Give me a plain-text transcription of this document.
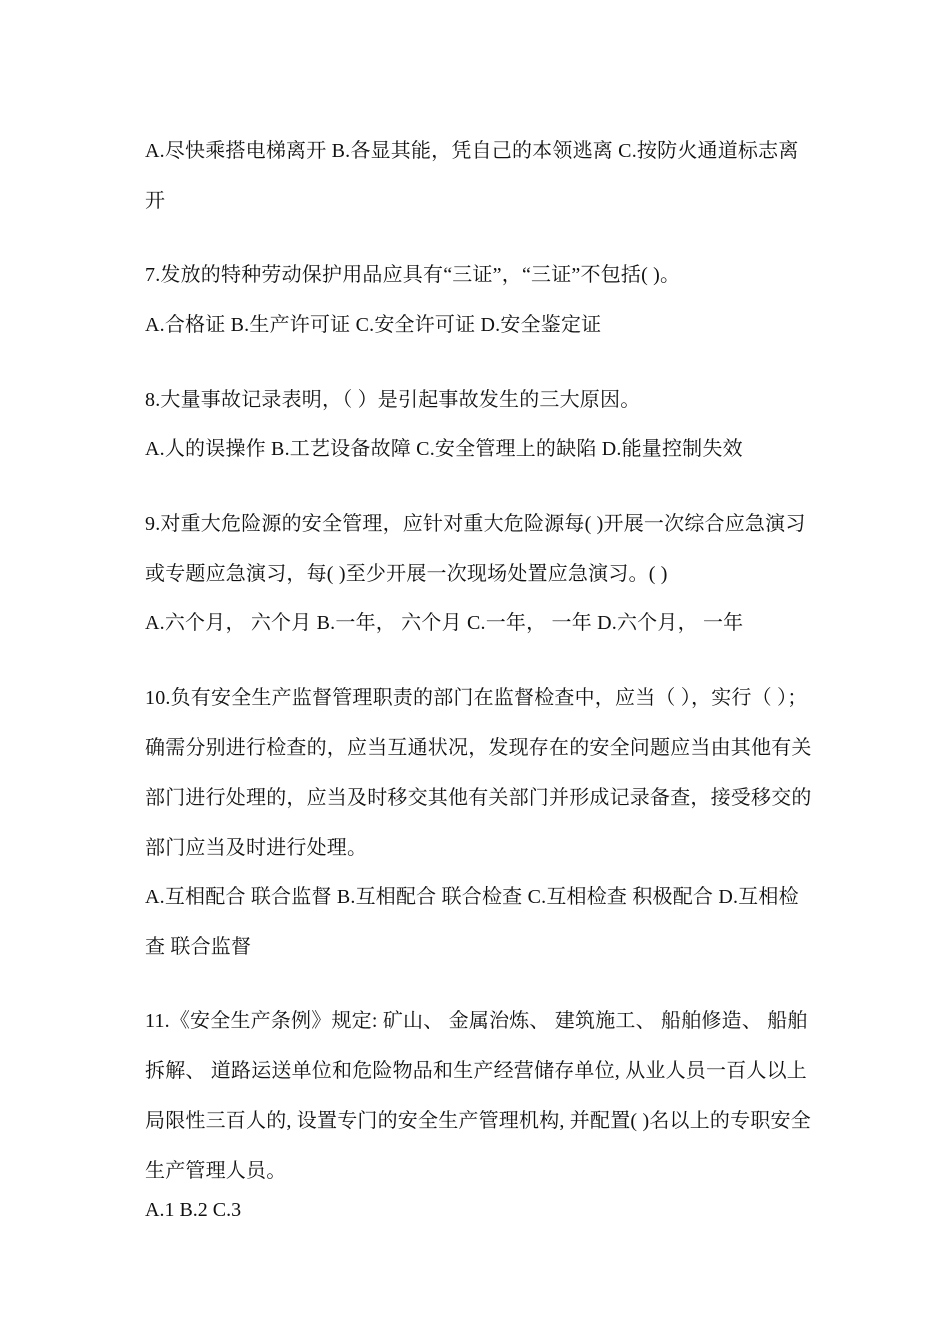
A.尽快乘搭电梯离开 B.各显其能，凭自己的本领逃离 C.按防火通道标志离开
7.发放的特种劳动保护用品应具有“三证”，“三证”不包括( )。
A.合格证 B.生产许可证 C.安全许可证 D.安全鉴定证
8.大量事故记录表明，（ ）是引起事故发生的三大原因。
A.人的误操作 B.工艺设备故障 C.安全管理上的缺陷 D.能量控制失效
9.对重大危险源的安全管理，应针对重大危险源每( )开展一次综合应急演习或专题应急演习，每( )至少开展一次现场处置应急演习。( )
A.六个月， 六个月 B.一年， 六个月 C.一年， 一年 D.六个月， 一年
10.负有安全生产监督管理职责的部门在监督检查中，应当（ ），实行（ ）；确需分别进行检查的，应当互通状况，发现存在的安全问题应当由其他有关部门进行处理的，应当及时移交其他有关部门并形成记录备查，接受移交的部门应当及时进行处理。
A.互相配合 联合监督 B.互相配合 联合检查 C.互相检查 积极配合 D.互相检查 联合监督
11.《安全生产条例》规定: 矿山、 金属治炼、 建筑施工、 船舶修造、 船舶拆解、 道路运送单位和危险物品和生产经营储存单位, 从业人员一百人以上局限性三百人的, 设置专门的安全生产管理机构, 并配置( )名以上的专职安全生产管理人员。
A.1 B.2 C.3
